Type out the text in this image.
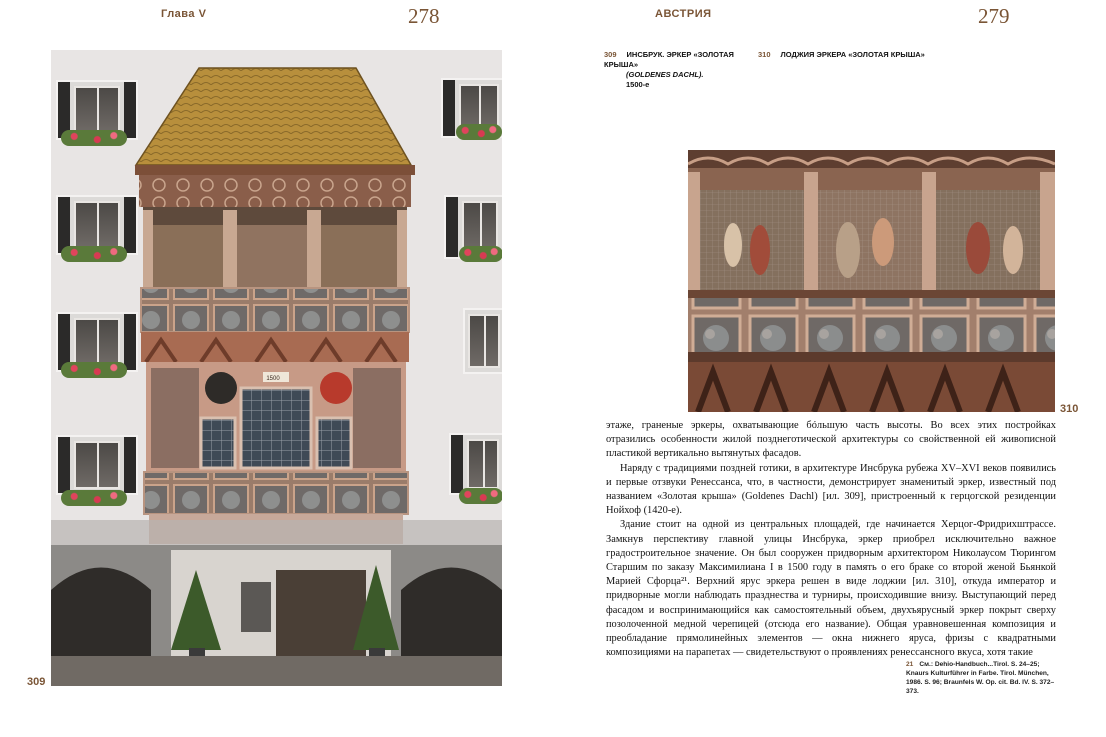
Глава V	278	АВСТРИЯ	279
309 ИНСБРУК. ЭРКЕР «ЗОЛОТАЯ КРЫША»
(GOLDENES DACHL).
1500-е
310 ЛОДЖИЯ ЭРКЕРА «ЗОЛОТАЯ КРЫША»
1500
309
310

этаже, граненые эркеры, охватывающие бóльшую часть высоты. Во всех этих постройках отразились особенности жилой позднеготической архитектуры со свойственной ей живописной пластикой вертикально вытянутых фасадов.

Наряду с традициями поздней готики, в архитектуре Инсбрука рубежа XV–XVI веков появились и первые отзвуки Ренессанса, что, в частности, демонстрирует знаменитый эркер, известный под названием «Золотая крыша» (Goldenes Dachl) [ил. 309], пристроенный к герцогской резиденции Нойхоф (1420-е).

Здание стоит на одной из центральных площадей, где начинается Херцог-Фридрихштрассе. Замкнув перспективу главной улицы Инсбрука, эркер приобрел исключительно важное градостроительное значение. Он был сооружен придворным архитектором Николаусом Тюрингом Старшим по заказу Максимилиана I в 1500 году в память о его браке со второй женой Бьянкой Марией Сфорца²¹. Верхний ярус эркера решен в виде лоджии [ил. 310], откуда император и придворные могли наблюдать празднества и турниры, происходившие внизу. Выступающий перед фасадом и воспринимающийся как самостоятельный объем, двухъярусный эркер покрыт сверху позолоченной медной черепицей (отсюда его название). Общая уравновешенная композиция и преобладание прямолинейных элементов — окна нижнего яруса, фризы с квадратными композициями на парапетах — свидетельствуют о проявлениях ренессансного вкуса, хотя такие

21 См.: Dehio-Handbuch...Tirol. S. 24–25; Knaurs Kulturführer in Farbe. Tirol. München, 1986. S. 96; Braunfels W. Op. cit. Bd. IV. S. 372–373.
